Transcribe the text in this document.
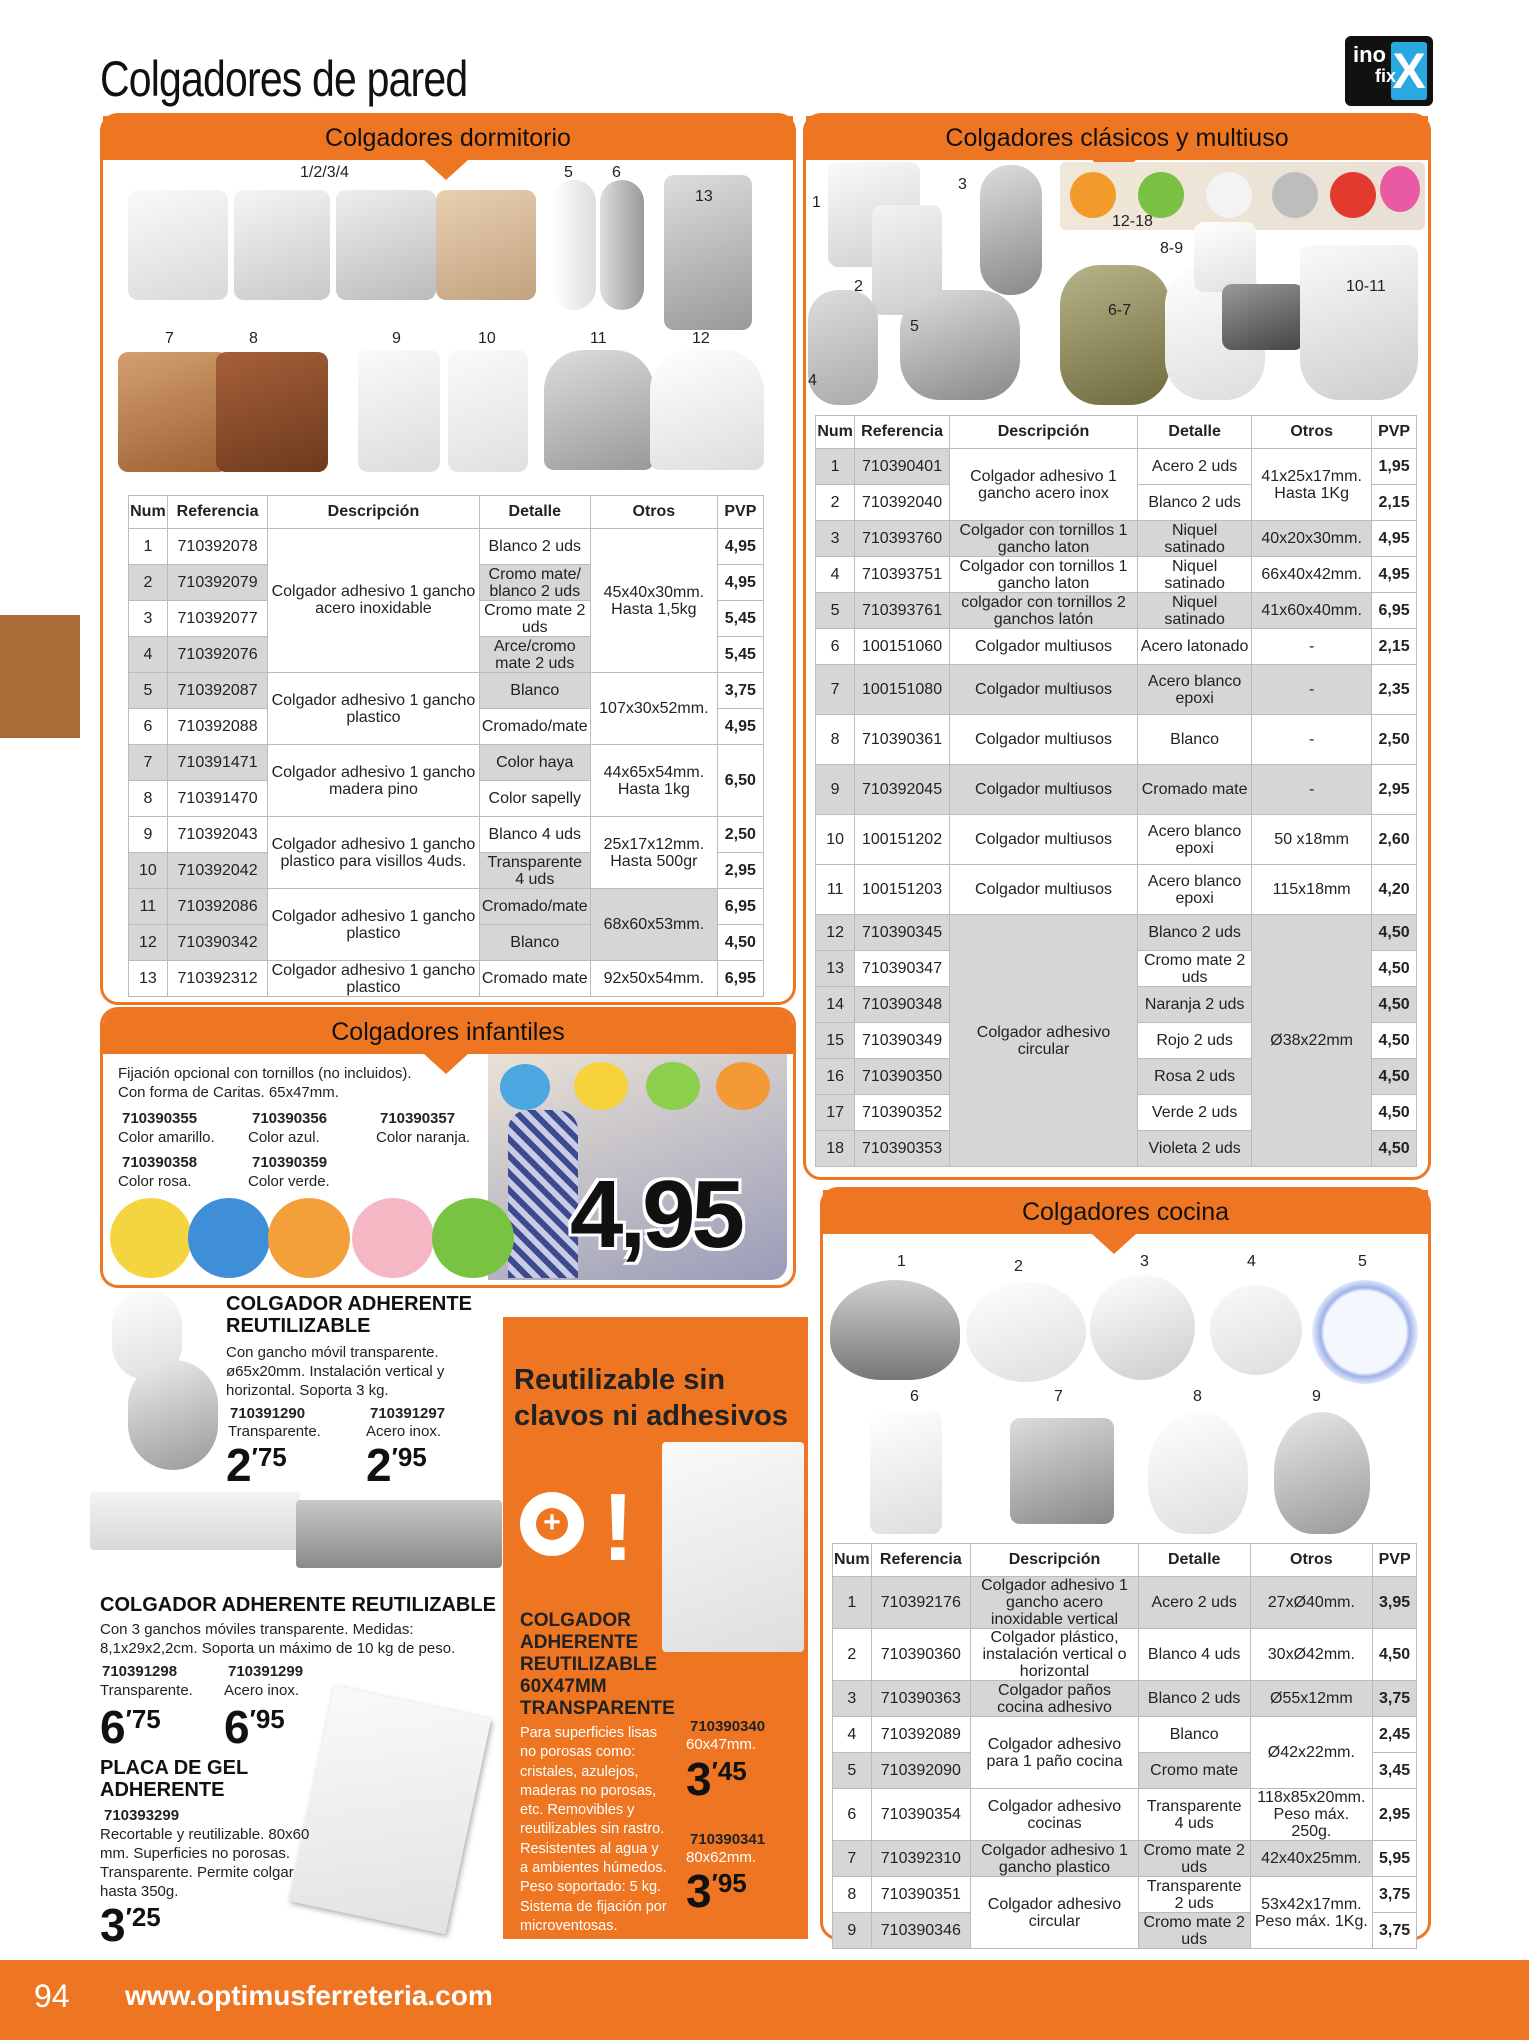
Colgadores de pared	ino X
fix
Colgadores dormitorio
1/2/3/4	5 6
13
7	8	9	10	11	12
Num	Referencia	Descripción	Detalle	Otros	PVP
1	710392078	Colgador adhesivo 1 gancho acero inoxidable	Blanco 2 uds	45x40x30mm. Hasta 1,5kg	4,95
2	710392079		Cromo mate/ blanco 2 uds		4,95
3	710392077		Cromo mate 2 uds		5,45
4	710392076		Arce/cromo mate 2 uds		5,45
5	710392087	Colgador adhesivo 1 gancho plastico	Blanco	107x30x52mm.	3,75
6	710392088		Cromado/mate		4,95
7	710391471	Colgador adhesivo 1 gancho madera pino	Color haya	44x65x54mm. Hasta 1kg	6,50
8	710391470		Color sapelly		
9	710392043	Colgador adhesivo 1 gancho plastico para visillos 4uds.	Blanco 4 uds	25x17x12mm. Hasta 500gr	2,50
10	710392042		Transparente 4 uds		2,95
11	710392086	Colgador adhesivo 1 gancho plastico	Cromado/mate	68x60x53mm.	6,95
12	710390342		Blanco		4,50
13	710392312	Colgador adhesivo 1 gancho plastico	Cromado mate	92x50x54mm.	6,95
Colgadores clásicos y multiuso
1
3
12-18
8-9
2
5
6-7
10-11
4
Num	Referencia	Descripción	Detalle	Otros	PVP
1	710390401	Colgador adhesivo 1 gancho acero inox	Acero 2 uds	41x25x17mm. Hasta 1Kg	1,95
2	710392040		Blanco 2 uds		2,15
3	710393760	Colgador con tornillos 1 gancho laton	Niquel satinado	40x20x30mm.	4,95
4	710393751	Colgador con tornillos 1 gancho laton	Niquel satinado	66x40x42mm.	4,95
5	710393761	colgador con tornillos 2 ganchos latón	Niquel satinado	41x60x40mm.	6,95
6	100151060	Colgador multiusos	Acero latonado	-	2,15
7	100151080	Colgador multiusos	Acero blanco epoxi	-	2,35
8	710390361	Colgador multiusos	Blanco	-	2,50
9	710392045	Colgador multiusos	Cromado mate	-	2,95
10	100151202	Colgador multiusos	Acero blanco epoxi	50 x18mm	2,60
11	100151203	Colgador multiusos	Acero blanco epoxi	115x18mm	4,20
12	710390345	Colgador adhesivo circular	Blanco 2 uds	Ø38x22mm	4,50
13	710390347		Cromo mate 2 uds		4,50
14	710390348		Naranja 2 uds		4,50
15	710390349		Rojo 2 uds		4,50
16	710390350		Rosa 2 uds		4,50
17	710390352		Verde 2 uds		4,50
18	710390353		Violeta 2 uds		4,50
Colgadores infantiles
Fijación opcional con tornillos (no incluidos).
Con forma de Caritas. 65x47mm.
710390355
Color amarillo.
710390356
Color azul.
710390357
Color naranja.
710390358
Color rosa.
710390359
Color verde.	4,95
COLGADOR ADHERENTE
REUTILIZABLE
Con gancho móvil transparente.
ø65x20mm. Instalación vertical y
horizontal. Soporta 3 kg.
710391290
Transparente.
$2^{'75}$
710391297
Acero inox.
$2^{'95}$
COLGADOR ADHERENTE REUTILIZABLE
Con 3 ganchos móviles transparente. Medidas:
8,1x29x2,2cm. Soporta un máximo de 10 kg de peso.
710391298
Transparente.
$6^{'75}$
710391299
Acero inox.
$6^{'95}$
PLACA DE GEL
ADHERENTE
710393299
Recortable y reutilizable. 80x60
mm. Superficies no porosas.
Transparente. Permite colgar
hasta 350g.
$3^{'25}$
Reutilizable sin
clavos ni adhesivos
+ !
COLGADOR
ADHERENTE
REUTILIZABLE
60X47MM
TRANSPARENTE
Para superficies lisas
no porosas como:
cristales, azulejos,
maderas no porosas,
etc. Removibles y
reutilizables sin rastro.
Resistentes al agua y
a ambientes húmedos.
Peso soportado: 5 kg.
Sistema de fijación por
microventosas.
710390340
60x47mm.
$3^{'45}$
710390341
80x62mm.
$3^{'95}$
Colgadores cocina
1	2	3	4	5
6	7	8	9
Num	Referencia	Descripción	Detalle	Otros	PVP
1	710392176	Colgador adhesivo 1 gancho acero inoxidable vertical	Acero 2 uds	27xØ40mm.	3,95
2	710390360	Colgador plástico, instalación vertical o horizontal	Blanco 4 uds	30xØ42mm.	4,50
3	710390363	Colgador paños cocina adhesivo	Blanco 2 uds	Ø55x12mm	3,75
4	710392089	Colgador adhesivo para 1 paño cocina	Blanco	Ø42x22mm.	2,45
5	710392090		Cromo mate		3,45
6	710390354	Colgador adhesivo cocinas	Transparente 4 uds	118x85x20mm. Peso máx. 250g.	2,95
7	710392310	Colgador adhesivo 1 gancho plastico	Cromo mate 2 uds	42x40x25mm.	5,95
8	710390351	Colgador adhesivo circular	Transparente 2 uds	53x42x17mm. Peso máx. 1Kg.	3,75
9	710390346		Cromo mate 2 uds		3,75
94 www.optimusferreteria.com
